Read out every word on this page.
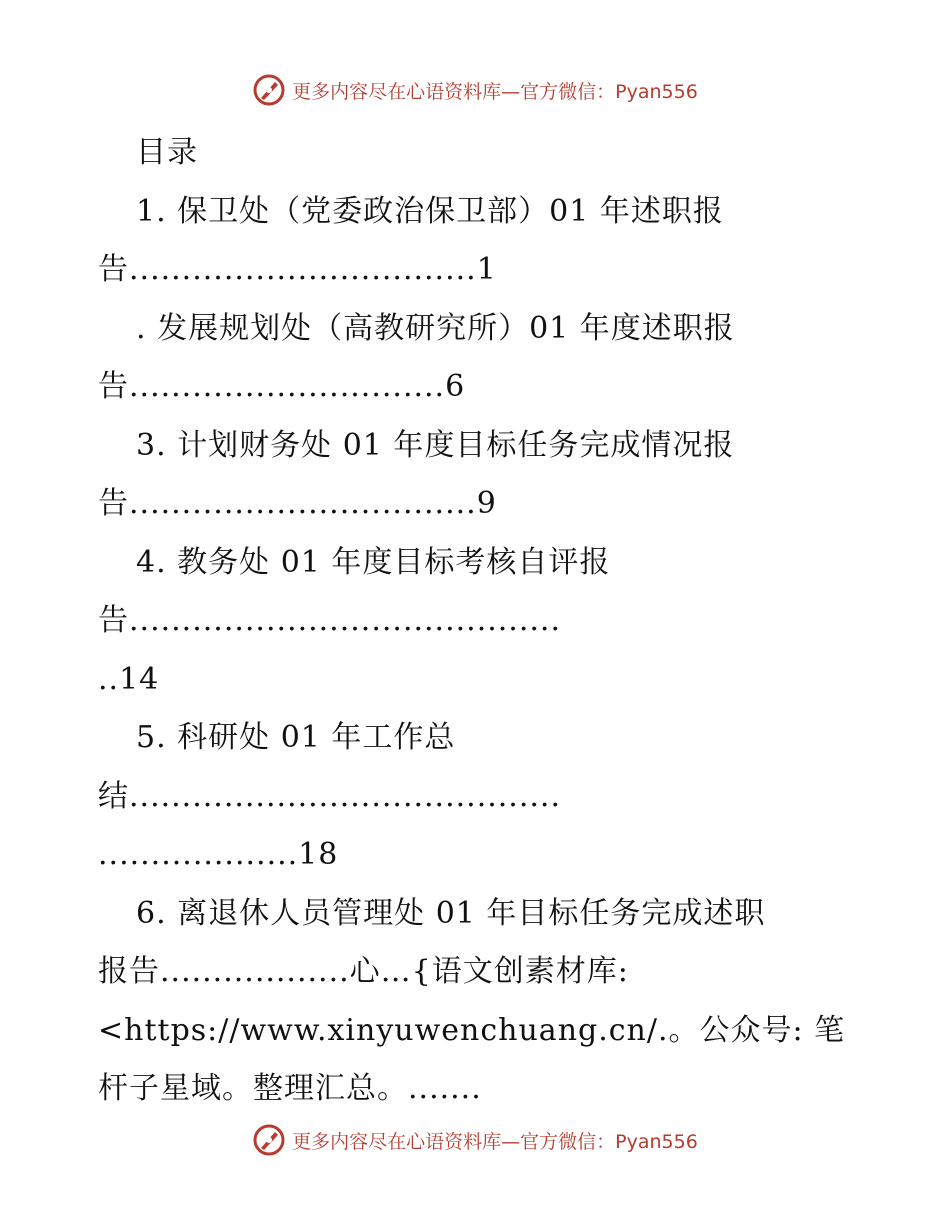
更多内容尽在心语资料库—官方微信：Pyan556
目录
1. 保卫处（党委政治保卫部）01 年述职报
告.................................1
. 发展规划处（高教研究所）01 年度述职报
告..............................6
3. 计划财务处 01 年度目标任务完成情况报
告.................................9
4. 教务处 01 年度目标考核自评报
告.........................................
..14
5. 科研处 01 年工作总
结.........................................
...................18
6. 离退休人员管理处 01 年目标任务完成述职
报告..................心…{语文创素材库:
<https://www.xinyuwenchuang.cn/.。公众号: 笔
杆子星域。整理汇总。.......
更多内容尽在心语资料库—官方微信：Pyan556
